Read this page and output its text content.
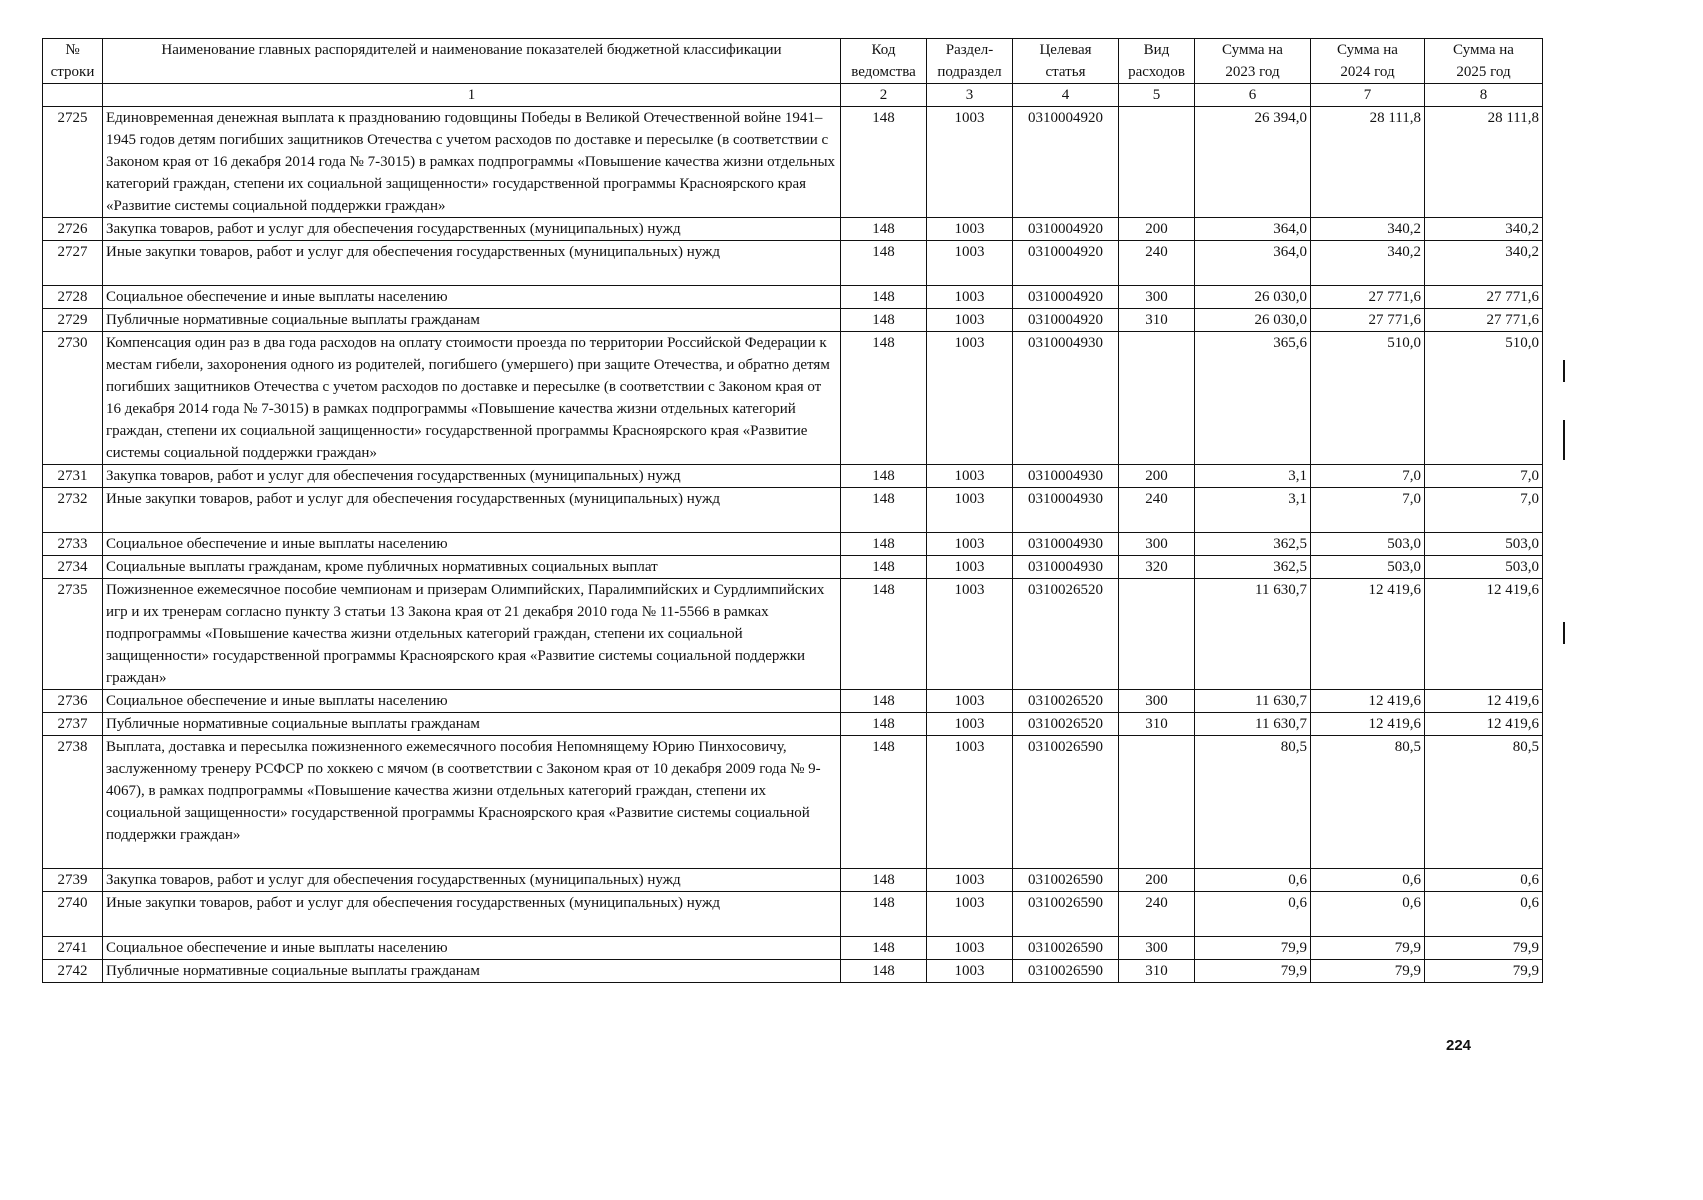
№ строки	Наименование главных распорядителей и наименование показателей бюджетной классификации	Код ведомства	Раздел- подраздел	Целевая статья	Вид расходов	Сумма на 2023 год	Сумма на 2024 год	Сумма на 2025 год
	1	2	3	4	5	6	7	8
2725	Единовременная денежная выплата к празднованию годовщины Победы в Великой Отечественной войне 1941–1945 годов детям погибших защитников Отечества с учетом расходов по доставке и пересылке (в соответствии с Законом края от 16 декабря 2014 года № 7-3015) в рамках подпрограммы «Повышение качества жизни отдельных категорий граждан, степени их социальной защищенности» государственной программы Красноярского края «Развитие системы социальной поддержки граждан»	148	1003	0310004920		26 394,0	28 111,8	28 111,8
2726	Закупка товаров, работ и услуг для обеспечения государственных (муниципальных) нужд	148	1003	0310004920	200	364,0	340,2	340,2
2727	Иные закупки товаров, работ и услуг для обеспечения государственных (муниципальных) нужд	148	1003	0310004920	240	364,0	340,2	340,2
2728	Социальное обеспечение и иные выплаты населению	148	1003	0310004920	300	26 030,0	27 771,6	27 771,6
2729	Публичные нормативные социальные выплаты гражданам	148	1003	0310004920	310	26 030,0	27 771,6	27 771,6
2730	Компенсация один раз в два года расходов на оплату стоимости проезда по территории Российской Федерации к местам гибели, захоронения одного из родителей, погибшего (умершего) при защите Отечества, и обратно детям погибших защитников Отечества с учетом расходов по доставке и пересылке (в соответствии с Законом края от 16 декабря 2014 года № 7-3015) в рамках подпрограммы «Повышение качества жизни отдельных категорий граждан, степени их социальной защищенности» государственной программы Красноярского края «Развитие системы социальной поддержки граждан»	148	1003	0310004930		365,6	510,0	510,0
2731	Закупка товаров, работ и услуг для обеспечения государственных (муниципальных) нужд	148	1003	0310004930	200	3,1	7,0	7,0
2732	Иные закупки товаров, работ и услуг для обеспечения государственных (муниципальных) нужд	148	1003	0310004930	240	3,1	7,0	7,0
2733	Социальное обеспечение и иные выплаты населению	148	1003	0310004930	300	362,5	503,0	503,0
2734	Социальные выплаты гражданам, кроме публичных нормативных социальных выплат	148	1003	0310004930	320	362,5	503,0	503,0
2735	Пожизненное ежемесячное пособие чемпионам и призерам Олимпийских, Паралимпийских и Сурдлимпийских игр и их тренерам согласно пункту 3 статьи 13 Закона края от 21 декабря 2010 года № 11-5566 в рамках подпрограммы «Повышение качества жизни отдельных категорий граждан, степени их социальной защищенности» государственной программы Красноярского края «Развитие системы социальной поддержки граждан»	148	1003	0310026520		11 630,7	12 419,6	12 419,6
2736	Социальное обеспечение и иные выплаты населению	148	1003	0310026520	300	11 630,7	12 419,6	12 419,6
2737	Публичные нормативные социальные выплаты гражданам	148	1003	0310026520	310	11 630,7	12 419,6	12 419,6
2738	Выплата, доставка и пересылка пожизненного ежемесячного пособия Непомнящему Юрию Пинхосовичу, заслуженному тренеру РСФСР по хоккею с мячом (в соответствии с Законом края от 10 декабря 2009 года № 9-4067), в рамках подпрограммы «Повышение качества жизни отдельных категорий граждан, степени их социальной защищенности» государственной программы Красноярского края «Развитие системы социальной поддержки граждан»	148	1003	0310026590		80,5	80,5	80,5
2739	Закупка товаров, работ и услуг для обеспечения государственных (муниципальных) нужд	148	1003	0310026590	200	0,6	0,6	0,6
2740	Иные закупки товаров, работ и услуг для обеспечения государственных (муниципальных) нужд	148	1003	0310026590	240	0,6	0,6	0,6
2741	Социальное обеспечение и иные выплаты населению	148	1003	0310026590	300	79,9	79,9	79,9
2742	Публичные нормативные социальные выплаты гражданам	148	1003	0310026590	310	79,9	79,9	79,9
224
